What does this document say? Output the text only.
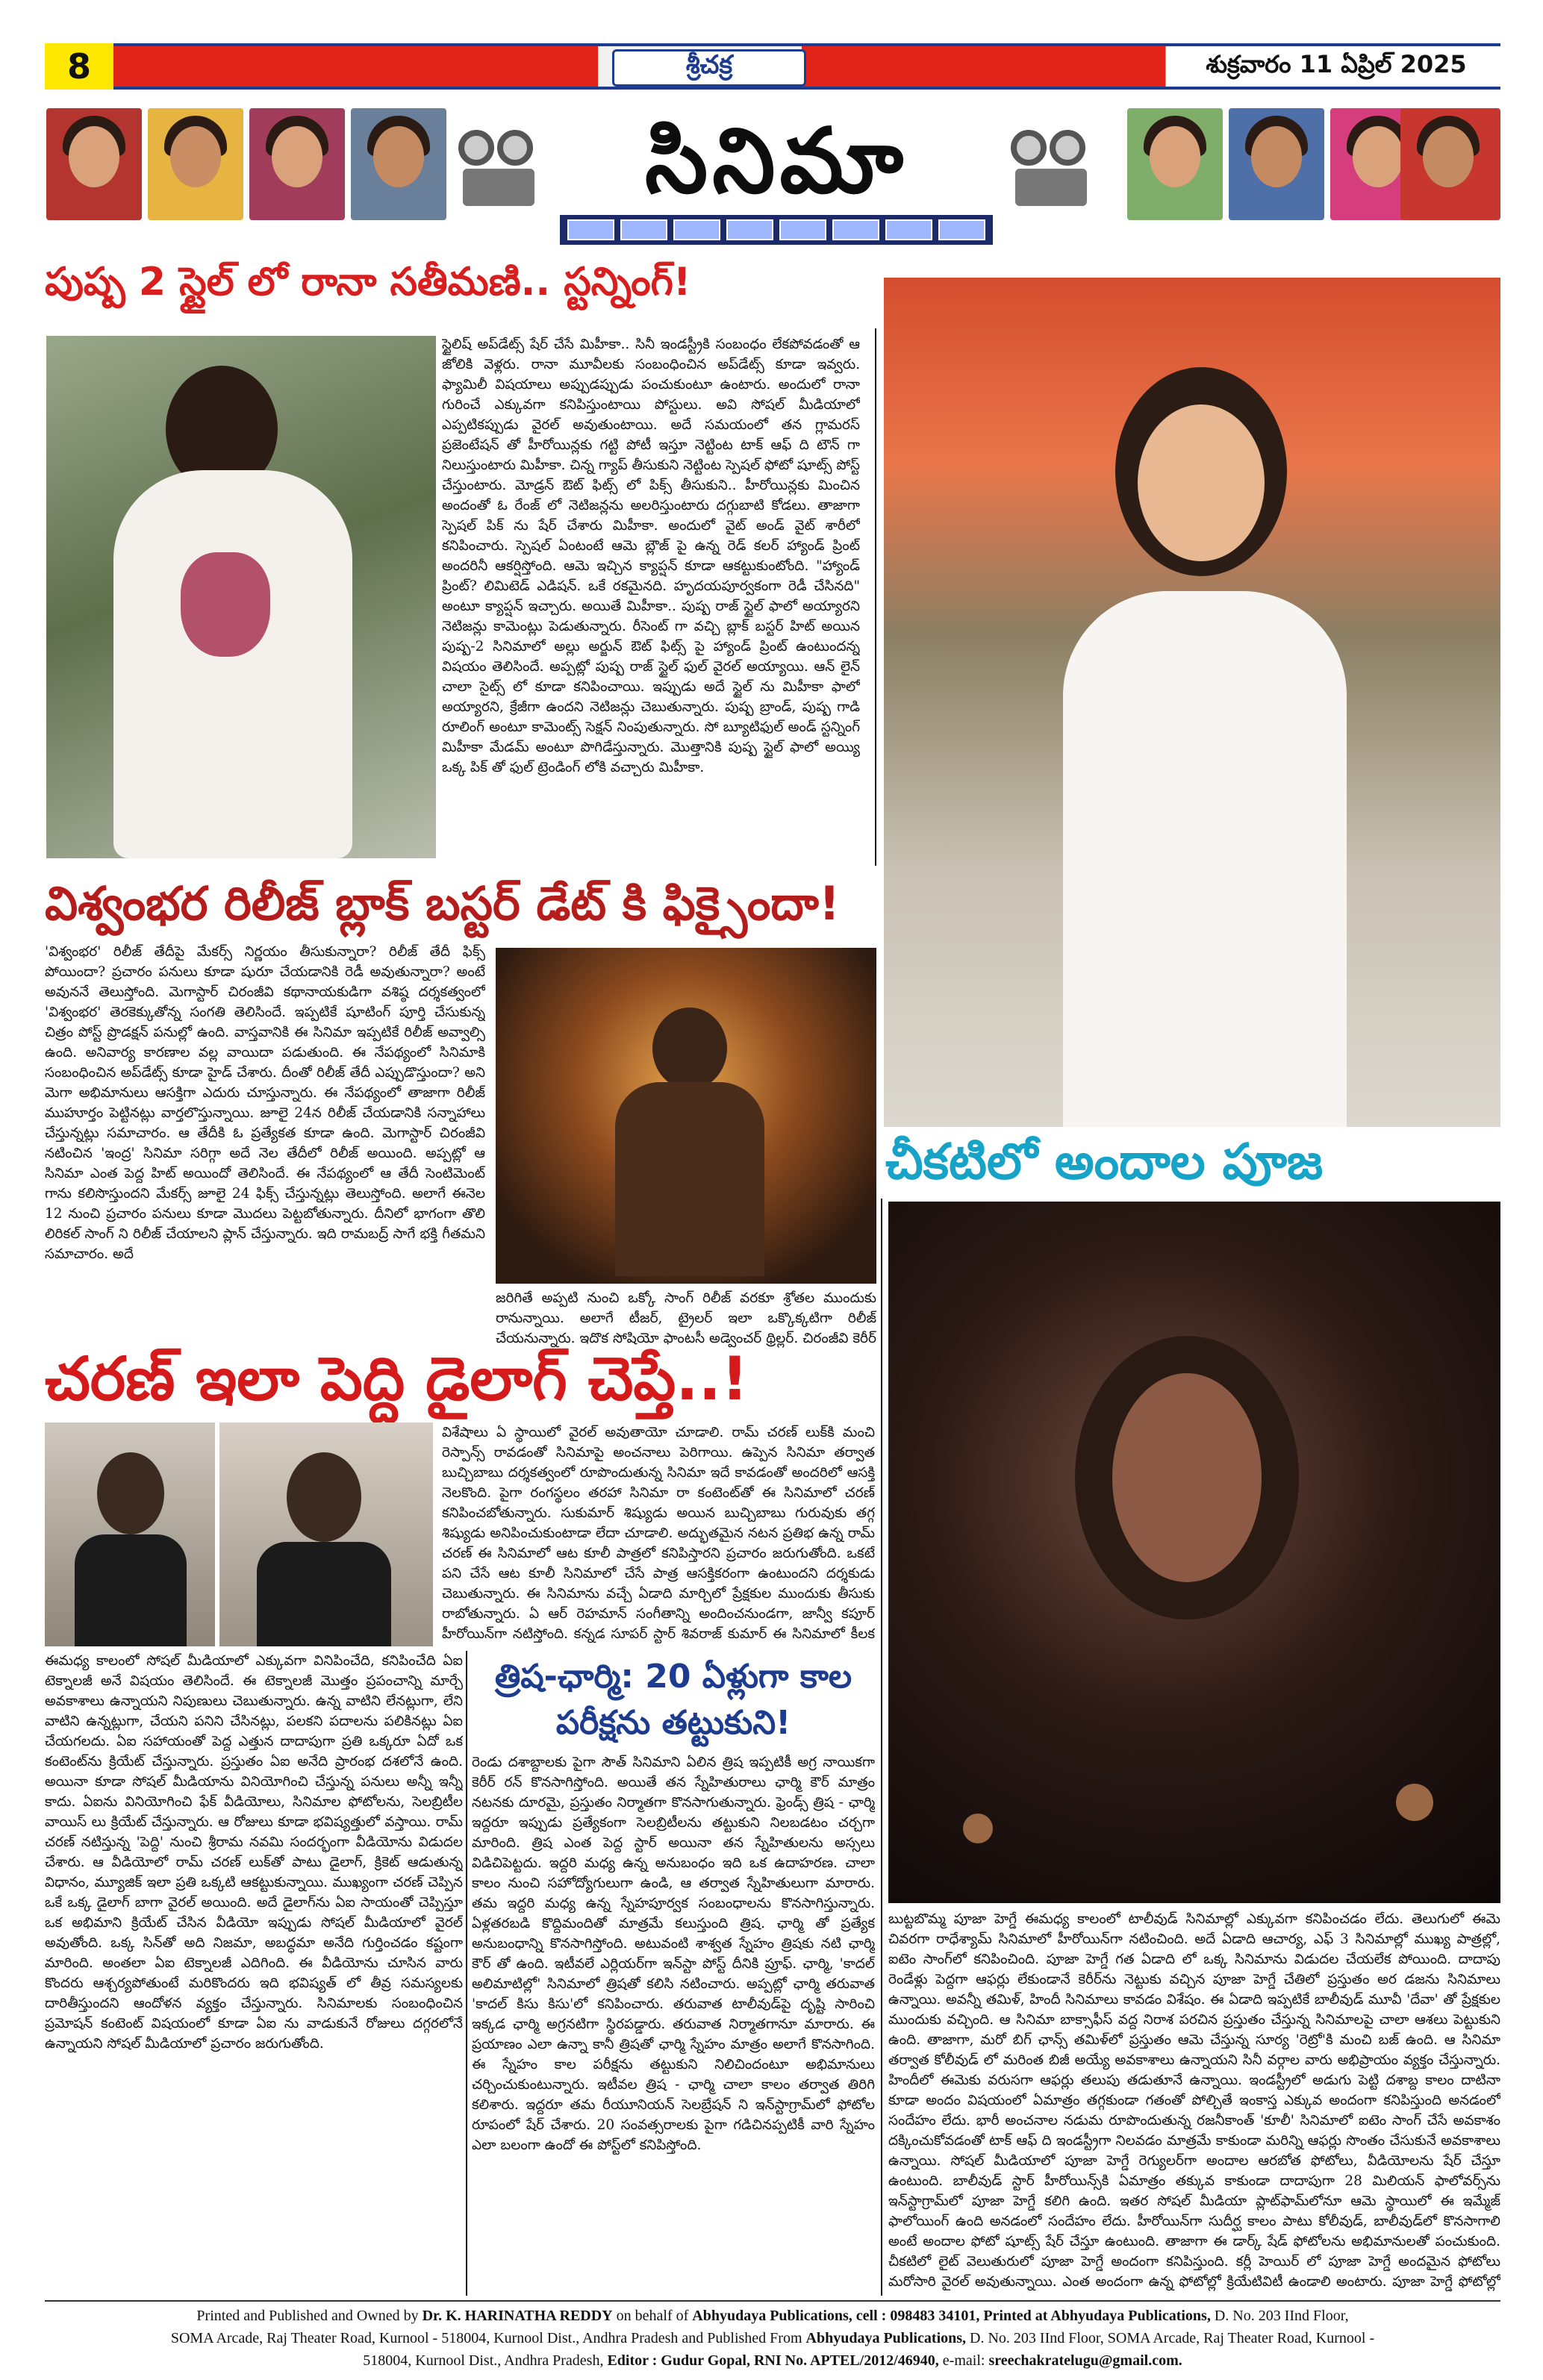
8	శ్రీచక్ర	శుక్రవారం 11 ఏప్రిల్ 2025
సినిమా
పుష్ప 2 స్టైల్ లో రానా సతీమణి.. స్టన్నింగ్!
స్టైలిష్ అప్‌డేట్స్ షేర్ చేసే మిహీకా.. సినీ ఇండస్ట్రీకి సంబంధం లేకపోవడంతో ఆ జోలికి వెళ్లరు. రానా మూవీలకు సంబంధించిన అప్‌డేట్స్ కూడా ఇవ్వరు. ఫ్యామిలీ విషయాలు అప్పుడప్పుడు పంచుకుంటూ ఉంటారు. అందులో రానా గురించే ఎక్కువగా కనిపిస్తుంటాయి పోస్టులు. అవి సోషల్ మీడియాలో ఎప్పటికప్పుడు వైరల్ అవుతుంటాయి. అదే సమయంలో తన గ్లామరస్ ప్రజెంటేషన్ తో హీరోయిన్లకు గట్టి పోటీ ఇస్తూ నెట్టింట టాక్ ఆఫ్ ది టౌన్ గా నిలుస్తుంటారు మిహీకా. చిన్న గ్యాప్ తీసుకుని నెట్టింట స్పెషల్ ఫోటో షూట్స్ పోస్ట్ చేస్తుంటారు. మోడ్రన్ ఔట్ ఫిట్స్ లో పిక్స్ తీసుకుని.. హీరోయిన్లకు మించిన అందంతో ఓ రేంజ్ లో నెటిజన్లను అలరిస్తుంటారు దగ్గుబాటి కోడలు. తాజాగా స్పెషల్ పిక్ ను షేర్ చేశారు మిహీకా. అందులో వైట్ అండ్ వైట్ శారీలో కనిపించారు. స్పెషల్ ఏంటంటే ఆమె బ్లౌజ్ పై ఉన్న రెడ్ కలర్ హ్యాండ్ ప్రింట్ అందరినీ ఆకర్షిస్తోంది. ఆమె ఇచ్చిన క్యాప్షన్ కూడా ఆకట్టుకుంటోంది. "హ్యాండ్ ప్రింట్? లిమిటెడ్ ఎడిషన్. ఒకే రకమైనది. హృదయపూర్వకంగా రెడీ చేసినది" అంటూ క్యాప్షన్ ఇచ్చారు. అయితే మిహీకా.. పుష్ప రాజ్ స్టైల్ ఫాలో అయ్యారని నెటిజన్లు కామెంట్లు పెడుతున్నారు. రీసెంట్ గా వచ్చి బ్లాక్ బస్టర్ హిట్ అయిన పుష్ప-2 సినిమాలో అల్లు అర్జున్ ఔట్ ఫిట్స్ పై హ్యాండ్ ప్రింట్ ఉంటుందన్న విషయం తెలిసిందే. అప్పట్లో పుష్ప రాజ్ స్టైల్ ఫుల్ వైరల్ అయ్యాయి. ఆన్ లైన్ చాలా సైట్స్ లో కూడా కనిపించాయి. ఇప్పుడు అదే స్టైల్ ను మిహీకా ఫాలో అయ్యారని, క్రేజీగా ఉందని నెటిజన్లు చెబుతున్నారు. పుష్ప బ్రాండ్, పుష్ప గాడి రూలింగ్ అంటూ కామెంట్స్ సెక్షన్ నింపుతున్నారు. సో బ్యూటిఫుల్ అండ్ స్టన్నింగ్ మిహీకా మేడమ్ అంటూ పొగిడేస్తున్నారు. మొత్తానికి పుష్ప స్టైల్ ఫాలో అయ్యి ఒక్క పిక్ తో ఫుల్ ట్రెండింగ్ లోకి వచ్చారు మిహీకా.
విశ్వంభర రిలీజ్ బ్లాక్ బస్టర్ డేట్ కి ఫిక్సైందా!
'విశ్వంభర' రిలీజ్ తేదీపై మేకర్స్ నిర్ణయం తీసుకున్నారా? రిలీజ్ తేదీ ఫిక్స్ పోయిందా? ప్రచారం పనులు కూడా షురూ చేయడానికి రెడీ అవుతున్నారా? అంటే అవుననే తెలుస్తోంది. మెగాస్టార్ చిరంజీవి కథానాయకుడిగా వశిష్ఠ దర్శకత్వంలో 'విశ్వంభర' తెరకెక్కుతోన్న సంగతి తెలిసిందే. ఇప్పటికే షూటింగ్ పూర్తి చేసుకున్న చిత్రం పోస్ట్ ప్రొడక్షన్ పనుల్లో ఉంది. వాస్తవానికి ఈ సినిమా ఇప్పటికే రిలీజ్ అవ్వాల్సి ఉంది. అనివార్య కారణాల వల్ల వాయిదా పడుతుంది. ఈ నేపథ్యంలో సినిమాకి సంబంధించిన అప్‌డేట్స్ కూడా హైడ్ చేశారు. దీంతో రిలీజ్ తేదీ ఎప్పుడొస్తుందా? అని మెగా అభిమానులు ఆసక్తిగా ఎదురు చూస్తున్నారు. ఈ నేపథ్యంలో తాజాగా రిలీజ్ ముహూర్తం పెట్టినట్లు వార్తలొస్తున్నాయి. జూలై 24న రిలీజ్ చేయడానికి సన్నాహాలు చేస్తున్నట్లు సమాచారం. ఆ తేదీకి ఓ ప్రత్యేకత కూడా ఉంది. మెగాస్టార్ చిరంజీవి నటించిన 'ఇంద్ర' సినిమా సరిగ్గా అదే నెల తేదీలో రిలీజ్ అయింది. అప్పట్లో ఆ సినిమా ఎంత పెద్ద హిట్ అయిందో తెలిసిందే. ఈ నేపథ్యంలో ఆ తేదీ సెంటిమెంట్ గాను కలిసొస్తుందని మేకర్స్ జూలై 24 ఫిక్స్ చేస్తున్నట్లు తెలుస్తోంది. అలాగే ఈనెల 12 నుంచి ప్రచారం పనులు కూడా మొదలు పెట్టబోతున్నారు. దీనిలో భాగంగా తొలి లిరికల్ సాంగ్ ని రిలీజ్ చేయాలని ప్లాన్ చేస్తున్నారు. ఇది రామబద్ర్ సాగే భక్తి గీతమని సమాచారం. అదే
జరిగితే అప్పటి నుంచి ఒక్కో సాంగ్ రిలీజ్ వరకూ శ్రోతల ముందుకు రానున్నాయి. అలాగే టీజర్, ట్రైలర్ ఇలా ఒక్కొక్కటిగా రిలీజ్ చేయనున్నారు. ఇదొక సోషియో ఫాంటసీ అడ్వెంచర్ థ్రిల్లర్. చిరంజీవి కెరీర్
చీకటిలో అందాల పూజ
బుట్టబొమ్మ పూజా హెగ్డే ఈమధ్య కాలంలో టాలీవుడ్ సినిమాల్లో ఎక్కువగా కనిపించడం లేదు. తెలుగులో ఈమె చివరగా రాధేశ్యామ్ సినిమాలో హీరోయిన్‌గా నటించింది. అదే ఏడాది ఆచార్య, ఎఫ్ 3 సినిమాల్లో ముఖ్య పాత్రల్లో, ఐటెం సాంగ్‌లో కనిపించింది. పూజా హెగ్డే గత ఏడాది లో ఒక్క సినిమాను విడుదల చేయలేక పోయింది. దాదాపు రెండేళ్లు పెద్దగా ఆఫర్లు లేకుండానే కెరీర్‌ను నెట్టుకు వచ్చిన పూజా హెగ్డే చేతిలో ప్రస్తుతం అర డజను సినిమాలు ఉన్నాయి. అవన్నీ తమిళ్, హిందీ సినిమాలు కావడం విశేషం. ఈ ఏడాది ఇప్పటికే బాలీవుడ్ మూవీ 'దేవా' తో ప్రేక్షకుల ముందుకు వచ్చింది. ఆ సినిమా బాక్సాఫీస్ వద్ద నిరాశ పరచిన ప్రస్తుతం చేస్తున్న సినిమాలపై చాలా ఆశలు పెట్టుకుని ఉంది. తాజాగా, మరో బిగ్ ఛాన్స్ తమిళ్‌లో ప్రస్తుతం ఆమె చేస్తున్న సూర్య 'రెట్రో'కి మంచి బజ్ ఉంది. ఆ సినిమా తర్వాత కోలీవుడ్ లో మరింత బిజీ అయ్యే అవకాశాలు ఉన్నాయని సినీ వర్గాల వారు అభిప్రాయం వ్యక్తం చేస్తున్నారు. హిందీలో ఈమెకు వరుసగా ఆఫర్లు తలుపు తడుతూనే ఉన్నాయి. ఇండస్ట్రీలో అడుగు పెట్టి దశాబ్ద కాలం దాటినా కూడా అందం విషయంలో ఏమాత్రం తగ్గకుండా గతంతో పోల్చితే ఇంకాస్త ఎక్కువ అందంగా కనిపిస్తుంది అనడంలో సందేహం లేదు. భారీ అంచనాల నడుమ రూపొందుతున్న రజనీకాంత్ 'కూలీ' సినిమాలో ఐటెం సాంగ్ చేసే అవకాశం దక్కించుకోవడంతో టాక్ ఆఫ్ ది ఇండస్ట్రీగా నిలవడం మాత్రమే కాకుండా మరిన్ని ఆఫర్లు సొంతం చేసుకునే అవకాశాలు ఉన్నాయి. సోషల్ మీడియాలో పూజా హెగ్డే రెగ్యులర్‌గా అందాల ఆరబోత ఫోటోలు, వీడియోలను షేర్ చేస్తూ ఉంటుంది. బాలీవుడ్ స్టార్ హీరోయిన్స్‌కి ఏమాత్రం తక్కువ కాకుండా దాదాపుగా 28 మిలియన్ ఫాలోవర్స్‌ను ఇన్‌స్టాగ్రామ్‌లో పూజా హెగ్డే కలిగి ఉంది. ఇతర సోషల్ మీడియా ప్లాట్‌ఫామ్‌లోనూ ఆమె స్థాయిలో ఈ ఇమ్మేజ్ ఫాలోయింగ్ ఉంది అనడంలో సందేహం లేదు. హీరోయిన్‌గా సుదీర్ఘ కాలం పాటు కోలీవుడ్, బాలీవుడ్‌లో కొనసాగాలి అంటే అందాల ఫోటో షూట్స్ షేర్ చేస్తూ ఉంటుంది. తాజాగా ఈ డార్క్ షేడ్ ఫోటోలను అభిమానులతో పంచుకుంది. చీకటిలో లైట్ వెలుతురులో పూజా హెగ్డే అందంగా కనిపిస్తుంది. కర్లీ హెయిర్ లో పూజా హెగ్డే అందమైన ఫోటోలు మరోసారి వైరల్ అవుతున్నాయి. ఎంత అందంగా ఉన్న ఫోటోల్లో క్రియేటివిటీ ఉండాలి అంటారు. పూజా హెగ్డే ఫోటోల్లో
చరణ్ ఇలా పెద్ది డైలాగ్ చెప్తే..!
ఈమధ్య కాలంలో సోషల్ మీడియాలో ఎక్కువగా వినిపించేది, కనిపించేది ఏఐ టెక్నాలజీ అనే విషయం తెలిసిందే. ఈ టెక్నాలజీ మొత్తం ప్రపంచాన్ని మార్చే అవకాశాలు ఉన్నాయని నిపుణులు చెబుతున్నారు. ఉన్న వాటిని లేనట్లుగా, లేని వాటిని ఉన్నట్లుగా, చేయని పనిని చేసినట్లు, పలకని పదాలను పలికినట్లు ఏఐ చేయగలదు. ఏఐ సహాయంతో పెద్ద ఎత్తున దాదాపుగా ప్రతి ఒక్కరూ ఏదో ఒక కంటెంట్‌ను క్రియేట్ చేస్తున్నారు. ప్రస్తుతం ఏఐ అనేది ప్రారంభ దశలోనే ఉంది. అయినా కూడా సోషల్ మీడియాను వినియోగించి చేస్తున్న పనులు అన్నీ ఇన్నీ కాదు. ఏఐను వినియోగించి ఫేక్ వీడియోలు, సినిమాల ఫోటోలను, సెలబ్రిటీల వాయిస్ లు క్రియేట్ చేస్తున్నారు. ఆ రోజులు కూడా భవిష్యత్తులో వస్తాయి. రామ్ చరణ్ నటిస్తున్న 'పెద్ది' నుంచి శ్రీరామ నవమి సందర్భంగా వీడియోను విడుదల చేశారు. ఆ వీడియోలో రామ్ చరణ్ లుక్‌తో పాటు డైలాగ్, క్రికెట్ ఆడుతున్న విధానం, మ్యూజిక్ ఇలా ప్రతి ఒక్కటి ఆకట్టుకున్నాయి. ముఖ్యంగా చరణ్ చెప్పిన ఒకే ఒక్క డైలాగ్ బాగా వైరల్ అయింది. అదే డైలాగ్‌ను ఏఐ సాయంతో చెప్పిస్తూ ఒక అభిమాని క్రియేట్ చేసిన వీడియో ఇప్పుడు సోషల్ మీడియాలో వైరల్ అవుతోంది. ఒక్క సిన్‌తో అది నిజమా, అబద్ధమా అనేది గుర్తించడం కష్టంగా మారింది. అంతలా ఏఐ టెక్నాలజీ ఎదిగింది. ఈ వీడియోను చూసిన వారు కొందరు ఆశ్చర్యపోతుంటే మరికొందరు ఇది భవిష్యత్ లో తీవ్ర సమస్యలకు దారితీస్తుందని ఆందోళన వ్యక్తం చేస్తున్నారు. సినిమాలకు సంబంధించిన ప్రమోషన్ కంటెంట్ విషయంలో కూడా ఏఐ ను వాడుకునే రోజులు దగ్గరలోనే ఉన్నాయని సోషల్ మీడియాలో ప్రచారం జరుగుతోంది.
విశేషాలు ఏ స్థాయిలో వైరల్ అవుతాయో చూడాలి. రామ్ చరణ్ లుక్‌కి మంచి రెస్పాన్స్ రావడంతో సినిమాపై అంచనాలు పెరిగాయి. ఉప్పెన సినిమా తర్వాత బుచ్చిబాబు దర్శకత్వంలో రూపొందుతున్న సినిమా ఇదే కావడంతో అందరిలో ఆసక్తి నెలకొంది. పైగా రంగస్థలం తరహా సినిమా రా కంటెంట్‌తో ఈ సినిమాలో చరణ్ కనిపించబోతున్నారు. సుకుమార్ శిష్యుడు అయిన బుచ్చిబాబు గురువుకు తగ్గ శిష్యుడు అనిపించుకుంటాడా లేదా చూడాలి. అద్భుతమైన నటన ప్రతిభ ఉన్న రామ్ చరణ్ ఈ సినిమాలో ఆట కూలీ పాత్రలో కనిపిస్తారని ప్రచారం జరుగుతోంది. ఒకటే పని చేసే ఆట కూలీ సినిమాలో చేసే పాత్ర ఆసక్తికరంగా ఉంటుందని దర్శకుడు చెబుతున్నారు. ఈ సినిమాను వచ్చే ఏడాది మార్చిలో ప్రేక్షకుల ముందుకు తీసుకు రాబోతున్నారు. ఏ ఆర్ రెహమాన్ సంగీతాన్ని అందించనుండగా, జాన్వీ కపూర్ హీరోయిన్‌గా నటిస్తోంది. కన్నడ సూపర్ స్టార్ శివరాజ్ కుమార్ ఈ సినిమాలో కీలక
త్రిష-ఛార్మి: 20 ఏళ్లుగా కాల పరీక్షను తట్టుకుని!
రెండు దశాబ్దాలకు పైగా సౌత్ సినిమాని ఏలిన త్రిష ఇప్పటికీ అగ్ర నాయికగా కెరీర్ రన్ కొనసాగిస్తోంది. అయితే తన స్నేహితురాలు ఛార్మి కౌర్ మాత్రం నటనకు దూరమై, ప్రస్తుతం నిర్మాతగా కొనసాగుతున్నారు. ఫ్రెండ్స్ త్రిష - ఛార్మి ఇద్దరూ ఇప్పుడు ప్రత్యేకంగా సెలబ్రిటీలను తట్టుకుని నిలబడటం చర్చగా మారింది. త్రిష ఎంత పెద్ద స్టార్ అయినా తన స్నేహితులను అస్సలు విడిచిపెట్టదు. ఇద్దరి మధ్య ఉన్న అనుబంధం ఇది ఒక ఉదాహరణ. చాలా కాలం నుంచి సహోద్యోగులుగా ఉండి, ఆ తర్వాత స్నేహితులుగా మారారు. తమ ఇద్దరి మధ్య ఉన్న స్నేహపూర్వక సంబంధాలను కొనసాగిస్తున్నారు. ఏళ్లతరబడి కొద్దిమందితో మాత్రమే కలుస్తుంది త్రిష. ఛార్మి తో ప్రత్యేక అనుబంధాన్ని కొనసాగిస్తోంది. అటువంటి శాశ్వత స్నేహం త్రిషకు నటి ఛార్మి కౌర్ తో ఉంది. ఇటీవలే ఎర్లియర్‌గా ఇన్‌స్టా పోస్ట్ దీనికి ప్రూఫ్. ఛార్మి, 'కాదల్ అలిమాటిల్లో' సినిమాలో త్రిషతో కలిసి నటించారు. అప్పట్లో ఛార్మి తరువాత 'కాదల్ కిసు కిసు'లో కనిపించారు. తరువాత టాలీవుడ్‌పై దృష్టి సారించి ఇక్కడ ఛార్మి అగ్రనటిగా స్థిరపడ్డారు. తరువాత నిర్మాతగానూ మారారు. ఈ ప్రయాణం ఎలా ఉన్నా కానీ త్రిషతో ఛార్మి స్నేహం మాత్రం అలాగే కొనసాగింది. ఈ స్నేహం కాల పరీక్షను తట్టుకుని నిలిచిందంటూ అభిమానులు చర్చించుకుంటున్నారు. ఇటీవల త్రిష - ఛార్మి చాలా కాలం తర్వాత తిరిగి కలిశారు. ఇద్దరూ తమ రీయూనియన్ సెలబ్రేషన్ ని ఇన్‌స్టాగ్రామ్‌లో ఫోటోల రూపంలో షేర్ చేశారు. 20 సంవత్సరాలకు పైగా గడిచినప్పటికీ వారి స్నేహం ఎలా బలంగా ఉందో ఈ పోస్ట్‌లో కనిపిస్తోంది.
Printed and Published and Owned by Dr. K. HARINATHA REDDY on behalf of Abhyudaya Publications, cell : 098483 34101, Printed at Abhyudaya Publications, D. No. 203 IInd Floor,
SOMA Arcade, Raj Theater Road, Kurnool - 518004, Kurnool Dist., Andhra Pradesh and Published From Abhyudaya Publications, D. No. 203 IInd Floor, SOMA Arcade, Raj Theater Road, Kurnool -
518004, Kurnool Dist., Andhra Pradesh, Editor : Gudur Gopal, RNI No. APTEL/2012/46940, e-mail: sreechakratelugu@gmail.com.
